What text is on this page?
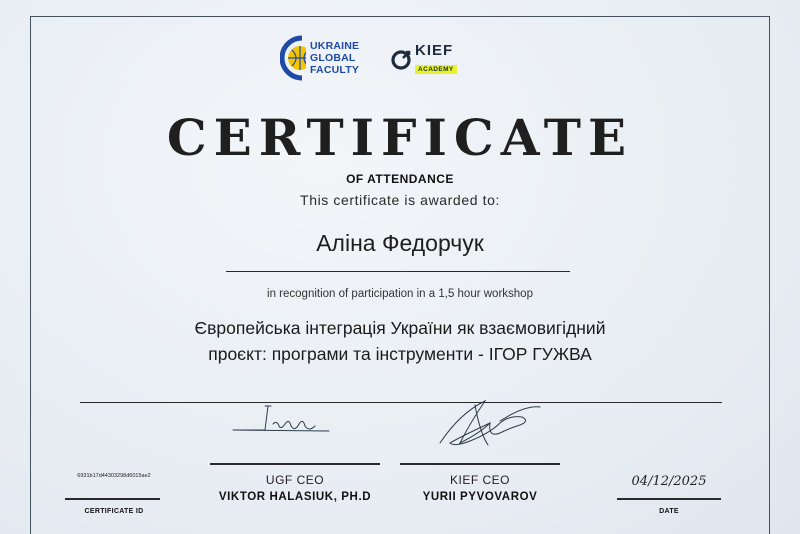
UKRAINE
GLOBAL
FACULTY
KIEF
ACADEMY
CERTIFICATE
OF ATTENDANCE
This certificate is awarded to:
Аліна Федорчук
in recognition of participation in a 1,5 hour workshop
Європейська інтеграція України як взаємовигідний
проєкт: програми та інструменти - ІГОР ГУЖВА
UGF CEO	KIEF CEO
VIKTOR HALASIUK, PH.D	YURII PYVOVAROV
6931b17d44303298d6015ae2
CERTIFICATE ID
04/12/2025
DATE
